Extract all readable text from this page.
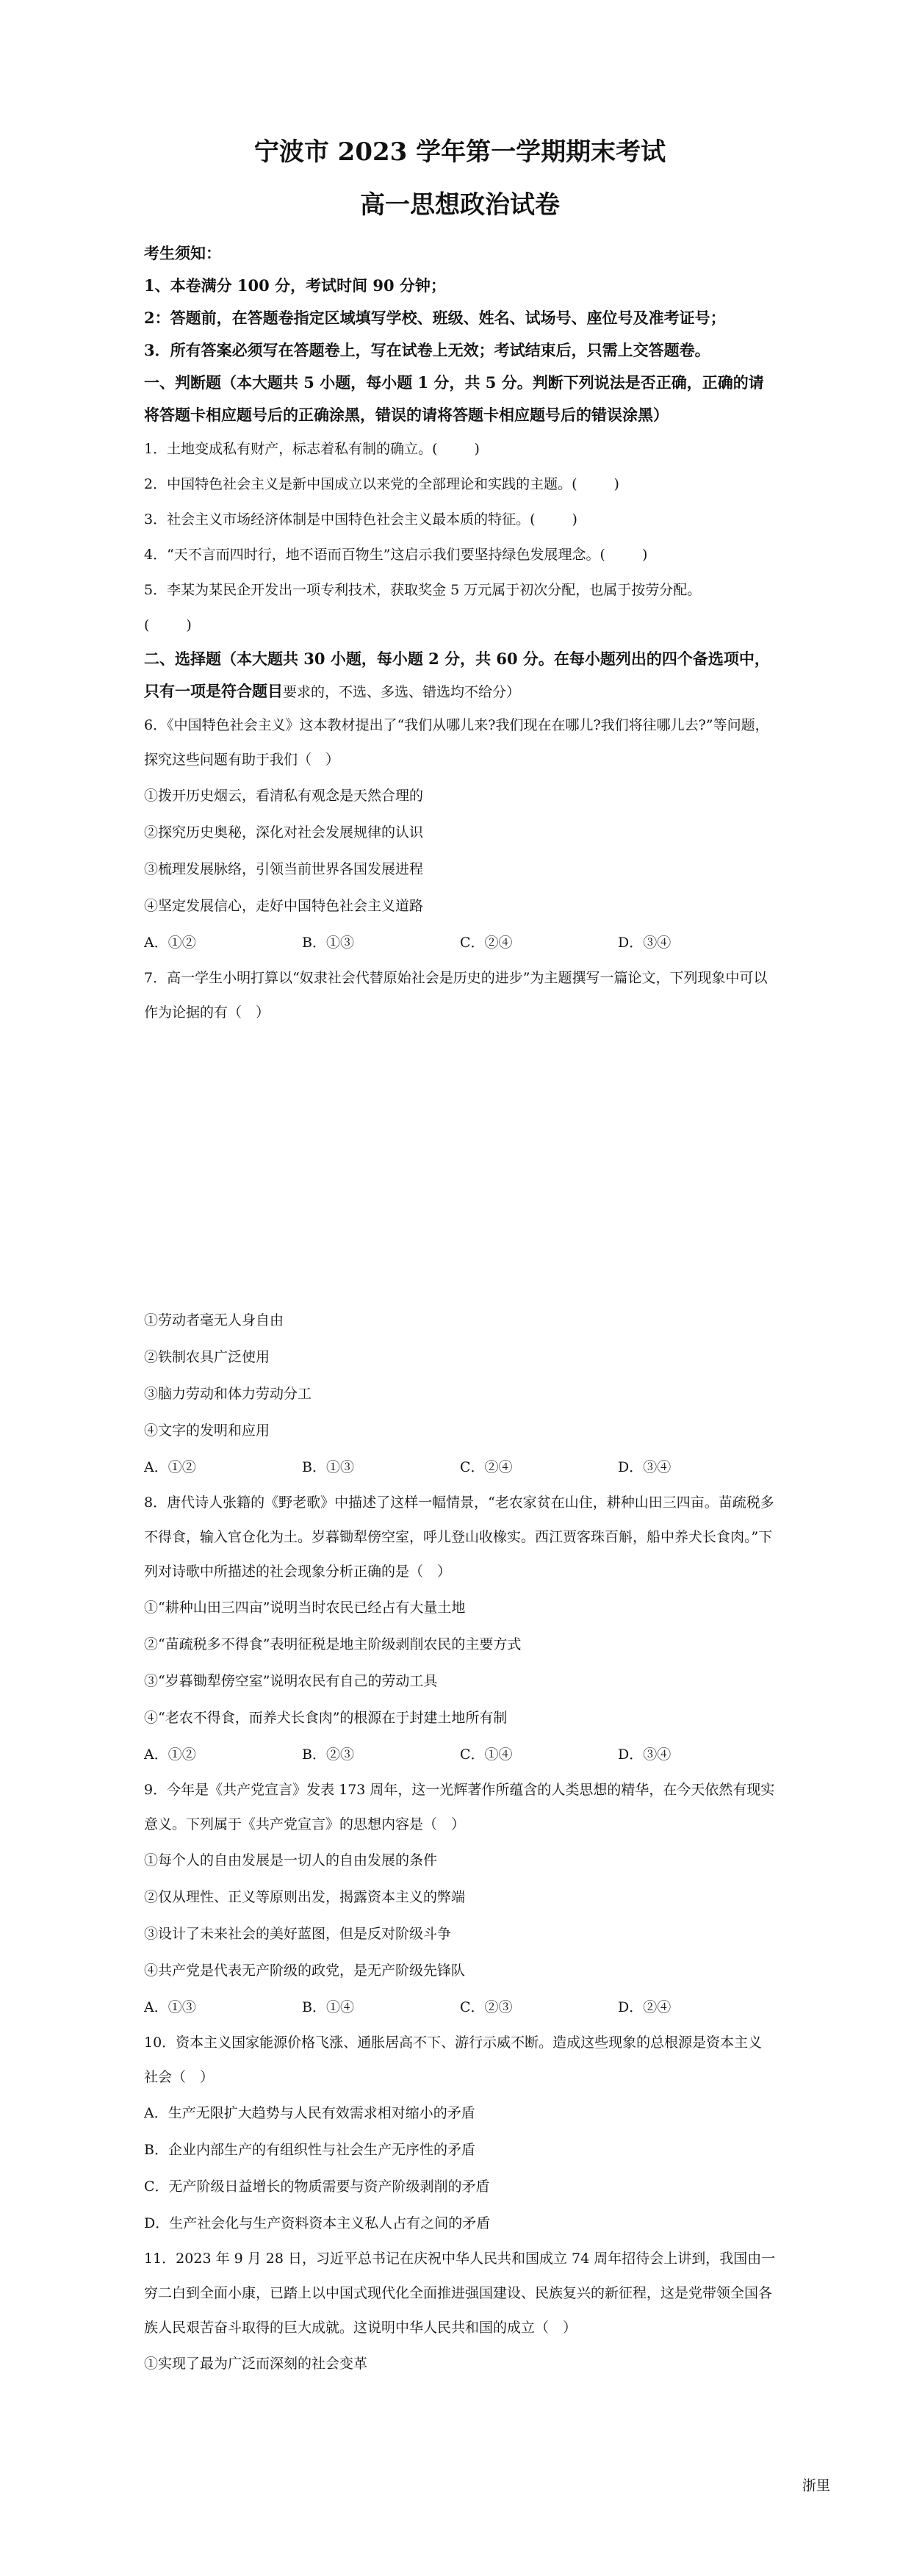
宁波市 2023 学年第一学期期末考试

高一思想政治试卷

考生须知：

1、本卷满分 100 分，考试时间 90 分钟；

2：答题前，在答题卷指定区域填写学校、班级、姓名、试场号、座位号及准考证号；

3．所有答案必须写在答题卷上，写在试卷上无效；考试结束后，只需上交答题卷。

一、判断题（本大题共 5 小题，每小题 1 分，共 5 分。判断下列说法是否正确，正确的请将答题卡相应题号后的正确涂黑，错误的请将答题卡相应题号后的错误涂黑）

1．土地变成私有财产，标志着私有制的确立。(	)

2．中国特色社会主义是新中国成立以来党的全部理论和实践的主题。(	)

3．社会主义市场经济体制是中国特色社会主义最本质的特征。(	)

4．“天不言而四时行，地不语而百物生”这启示我们要坚持绿色发展理念。(	)

5．李某为某民企开发出一项专利技术，获取奖金 5 万元属于初次分配，也属于按劳分配。

(	)

二、选择题（本大题共 30 小题，每小题 2 分，共 60 分。在每小题列出的四个备选项中，只有一项是符合题目要求的，不选、多选、错选均不给分）

6．《中国特色社会主义》这本教材提出了“我们从哪儿来?我们现在在哪儿?我们将往哪儿去?”等问题，探究这些问题有助于我们（　）

①拨开历史烟云，看清私有观念是天然合理的

②探究历史奥秘，深化对社会发展规律的认识

③梳理发展脉络，引领当前世界各国发展进程

④坚定发展信心，走好中国特色社会主义道路

A．①②	B．①③	C．②④	D．③④

7．高一学生小明打算以“奴隶社会代替原始社会是历史的进步”为主题撰写一篇论文，下列现象中可以作为论据的有（　）

①劳动者毫无人身自由

②铁制农具广泛使用

③脑力劳动和体力劳动分工

④文字的发明和应用

A．①②	B．①③	C．②④	D．③④

8．唐代诗人张籍的《野老歌》中描述了这样一幅情景，“老农家贫在山住，耕种山田三四亩。苗疏税多不得食，输入官仓化为土。岁暮锄犁傍空室，呼儿登山收橡实。西江贾客珠百斛，船中养犬长食肉。”下列对诗歌中所描述的社会现象分析正确的是（　）

①“耕种山田三四亩”说明当时农民已经占有大量土地

②“苗疏税多不得食”表明征税是地主阶级剥削农民的主要方式

③“岁暮锄犁傍空室”说明农民有自己的劳动工具

④“老农不得食，而养犬长食肉”的根源在于封建土地所有制

A．①②	B．②③	C．①④	D．③④

9．今年是《共产党宣言》发表 173 周年，这一光辉著作所蕴含的人类思想的精华，在今天依然有现实意义。下列属于《共产党宣言》的思想内容是（　）

①每个人的自由发展是一切人的自由发展的条件

②仅从理性、正义等原则出发，揭露资本主义的弊端

③设计了未来社会的美好蓝图，但是反对阶级斗争

④共产党是代表无产阶级的政党，是无产阶级先锋队

A．①③	B．①④	C．②③	D．②④

10．资本主义国家能源价格飞涨、通胀居高不下、游行示威不断。造成这些现象的总根源是资本主义社会（　）

A．生产无限扩大趋势与人民有效需求相对缩小的矛盾

B．企业内部生产的有组织性与社会生产无序性的矛盾

C．无产阶级日益增长的物质需要与资产阶级剥削的矛盾

D．生产社会化与生产资料资本主义私人占有之间的矛盾

11．2023 年 9 月 28 日，习近平总书记在庆祝中华人民共和国成立 74 周年招待会上讲到，我国由一穷二白到全面小康，已踏上以中国式现代化全面推进强国建设、民族复兴的新征程，这是党带领全国各族人民艰苦奋斗取得的巨大成就。这说明中华人民共和国的成立（　）

①实现了最为广泛而深刻的社会变革

浙里
